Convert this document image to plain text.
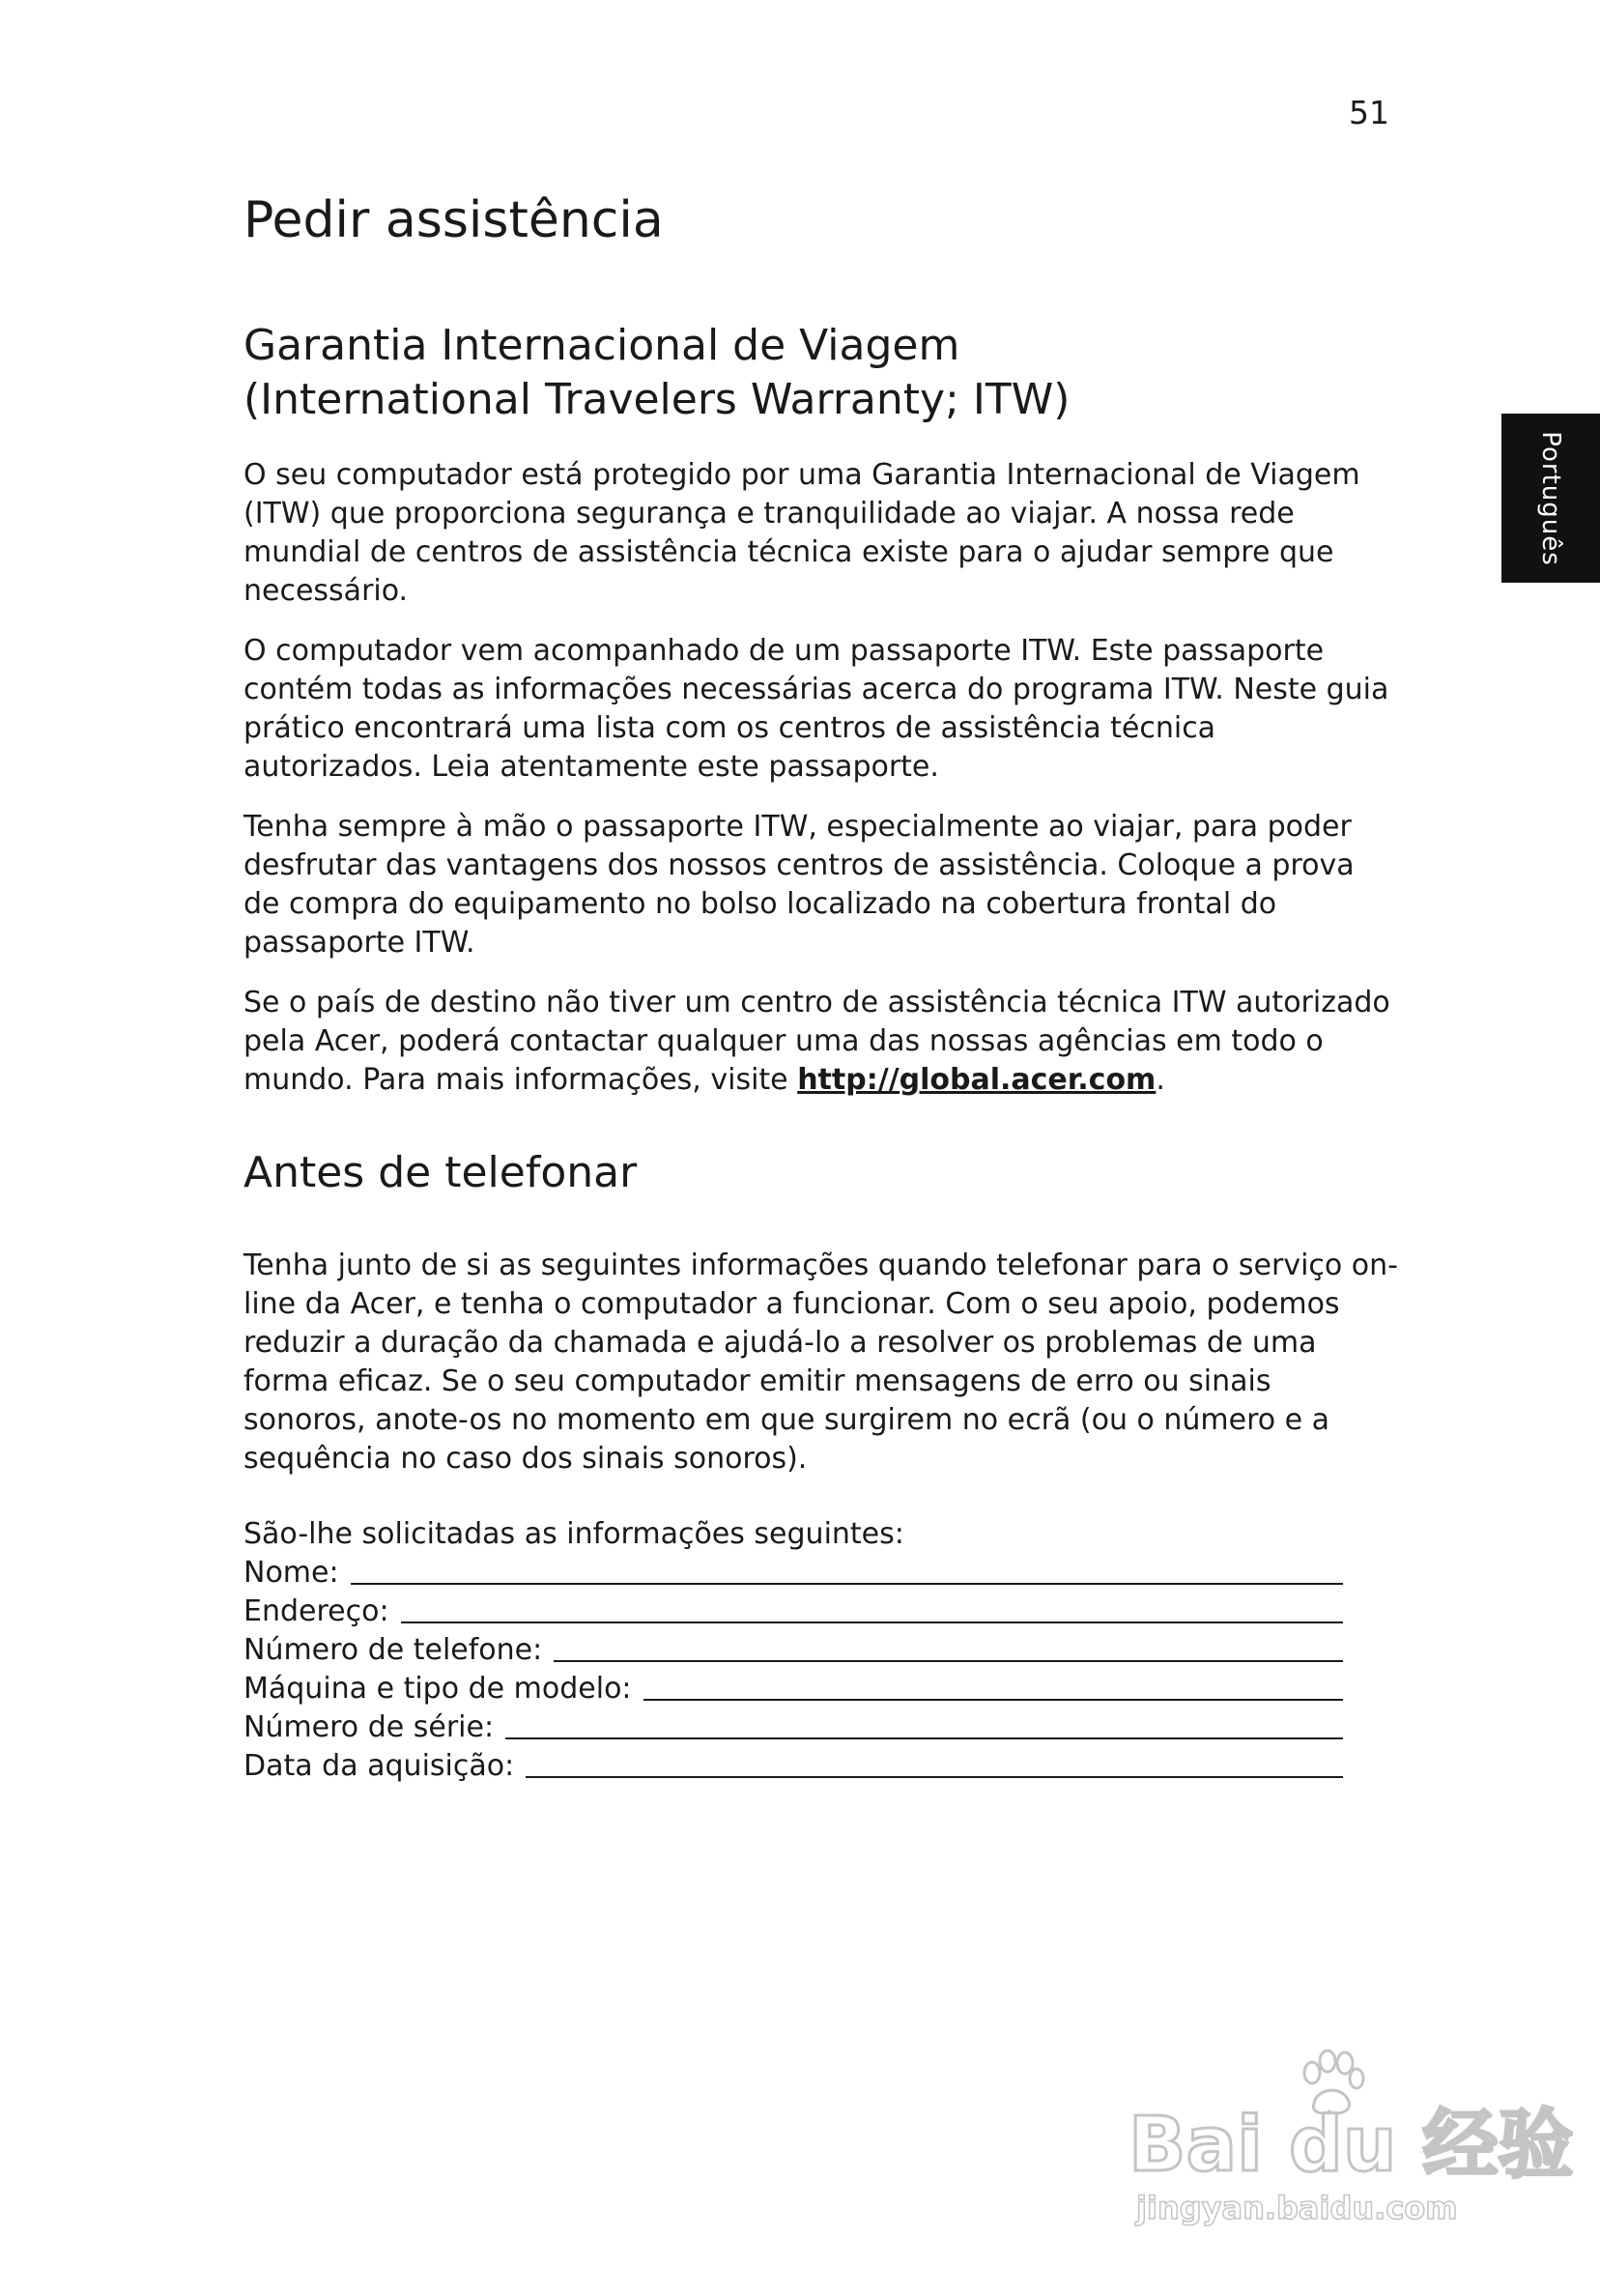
51
Português
Pedir assistência
Garantia Internacional de Viagem
(International Travelers Warranty; ITW)

O seu computador está protegido por uma Garantia Internacional de Viagem (ITW) que proporciona segurança e tranquilidade ao viajar. A nossa rede mundial de centros de assistência técnica existe para o ajudar sempre que necessário.

O computador vem acompanhado de um passaporte ITW. Este passaporte contém todas as informações necessárias acerca do programa ITW. Neste guia prático encontrará uma lista com os centros de assistência técnica autorizados. Leia atentamente este passaporte.

Tenha sempre à mão o passaporte ITW, especialmente ao viajar, para poder desfrutar das vantagens dos nossos centros de assistência. Coloque a prova de compra do equipamento no bolso localizado na cobertura frontal do passaporte ITW.

Se o país de destino não tiver um centro de assistência técnica ITW autorizado pela Acer, poderá contactar qualquer uma das nossas agências em todo o mundo. Para mais informações, visite http://global.acer.com.

Antes de telefonar

Tenha junto de si as seguintes informações quando telefonar para o serviço on-line da Acer, e tenha o computador a funcionar. Com o seu apoio, podemos reduzir a duração da chamada e ajudá-lo a resolver os problemas de uma forma eficaz. Se o seu computador emitir mensagens de erro ou sinais sonoros, anote-os no momento em que surgirem no ecrã (ou o número e a sequência no caso dos sinais sonoros).

São-lhe solicitadas as informações seguintes:
Nome:
Endereço:
Número de telefone:
Máquina e tipo de modelo:
Número de série:
Data da aquisição:
Bai du 经验
jingyan.baidu.com
